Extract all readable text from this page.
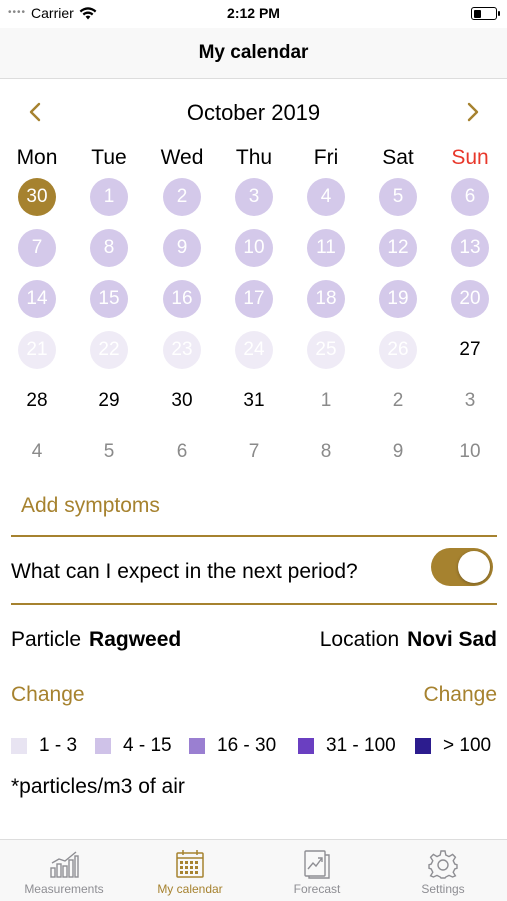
•••• Carrier	2:12 PM
My calendar
October 2019
Mon	Tue	Wed	Thu	Fri	Sat	Sun
30	1	2	3	4	5	6
7	8	9	10	11	12	13
14	15	16	17	18	19	20
21	22	23	24	25	26	27
28	29	30	31	1	2	3
4	5	6	7	8	9	10
Add symptoms
What can I expect in the next period?
Particle Ragweed	Location Novi Sad
Change	Change
1 - 3 4 - 15 16 - 30	31 - 100 > 100
*particles/m3 of air
Measurements	My calendar	Forecast	Settings
